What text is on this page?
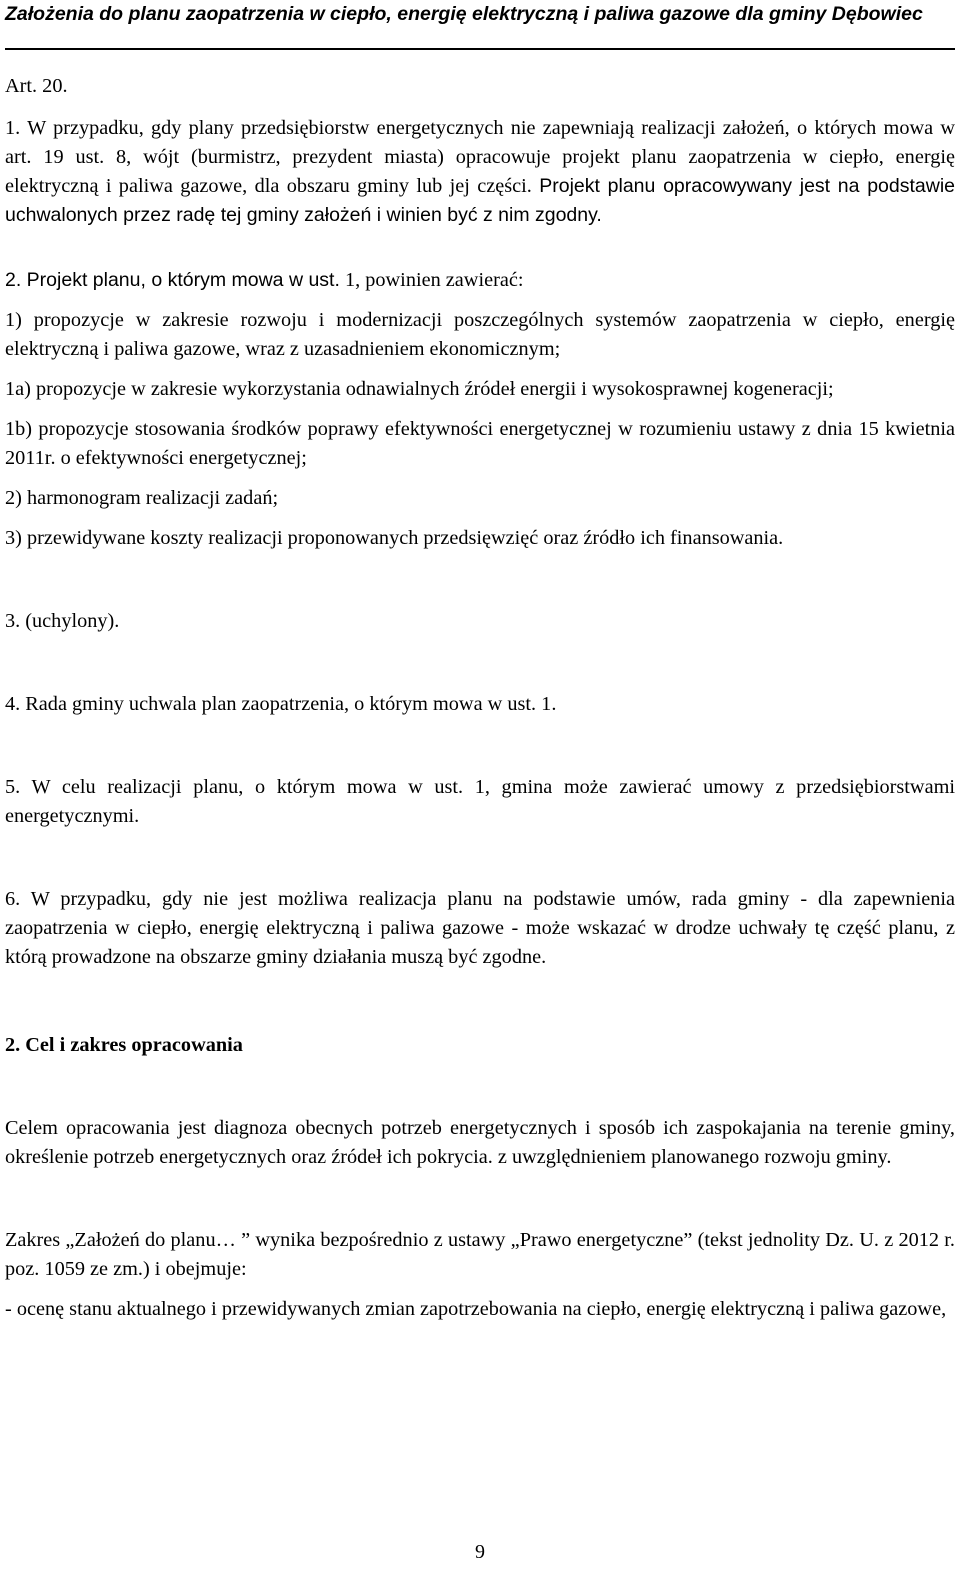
Założenia do planu zaopatrzenia w ciepło, energię elektryczną i paliwa gazowe dla gminy Dębowiec

Art. 20.

1. W przypadku, gdy plany przedsiębiorstw energetycznych nie zapewniają realizacji założeń, o których mowa w art. 19 ust. 8, wójt (burmistrz, prezydent miasta) opracowuje projekt planu zaopatrzenia w ciepło, energię elektryczną i paliwa gazowe, dla obszaru gminy lub jej części. Projekt planu opracowywany jest na podstawie uchwalonych przez radę tej gminy założeń i winien być z nim zgodny.

2. Projekt planu, o którym mowa w ust. 1, powinien zawierać:

1) propozycje w zakresie rozwoju i modernizacji poszczególnych systemów zaopatrzenia w ciepło, energię elektryczną i paliwa gazowe, wraz z uzasadnieniem ekonomicznym;

1a) propozycje w zakresie wykorzystania odnawialnych źródeł energii i wysokosprawnej kogeneracji;

1b) propozycje stosowania środków poprawy efektywności energetycznej w rozumieniu ustawy z dnia 15 kwietnia 2011r. o efektywności energetycznej;

2) harmonogram realizacji zadań;

3) przewidywane koszty realizacji proponowanych przedsięwzięć oraz źródło ich finansowania.

3. (uchylony).

4. Rada gminy uchwala plan zaopatrzenia, o którym mowa w ust. 1.

5. W celu realizacji planu, o którym mowa w ust. 1, gmina może zawierać umowy z przedsiębiorstwami energetycznymi.

6. W przypadku, gdy nie jest możliwa realizacja planu na podstawie umów, rada gminy - dla zapewnienia zaopatrzenia w ciepło, energię elektryczną i paliwa gazowe - może wskazać w drodze uchwały tę część planu, z którą prowadzone na obszarze gminy działania muszą być zgodne.

2. Cel i zakres opracowania

Celem opracowania jest diagnoza obecnych potrzeb energetycznych i sposób ich zaspokajania na terenie gminy, określenie potrzeb energetycznych oraz źródeł ich pokrycia. z uwzględnieniem planowanego rozwoju gminy.

Zakres „Założeń do planu… ” wynika bezpośrednio z ustawy „Prawo energetyczne” (tekst jednolity Dz. U. z 2012 r. poz. 1059 ze zm.) i obejmuje:

- ocenę stanu aktualnego i przewidywanych zmian zapotrzebowania na ciepło, energię elektryczną i paliwa gazowe,

9
